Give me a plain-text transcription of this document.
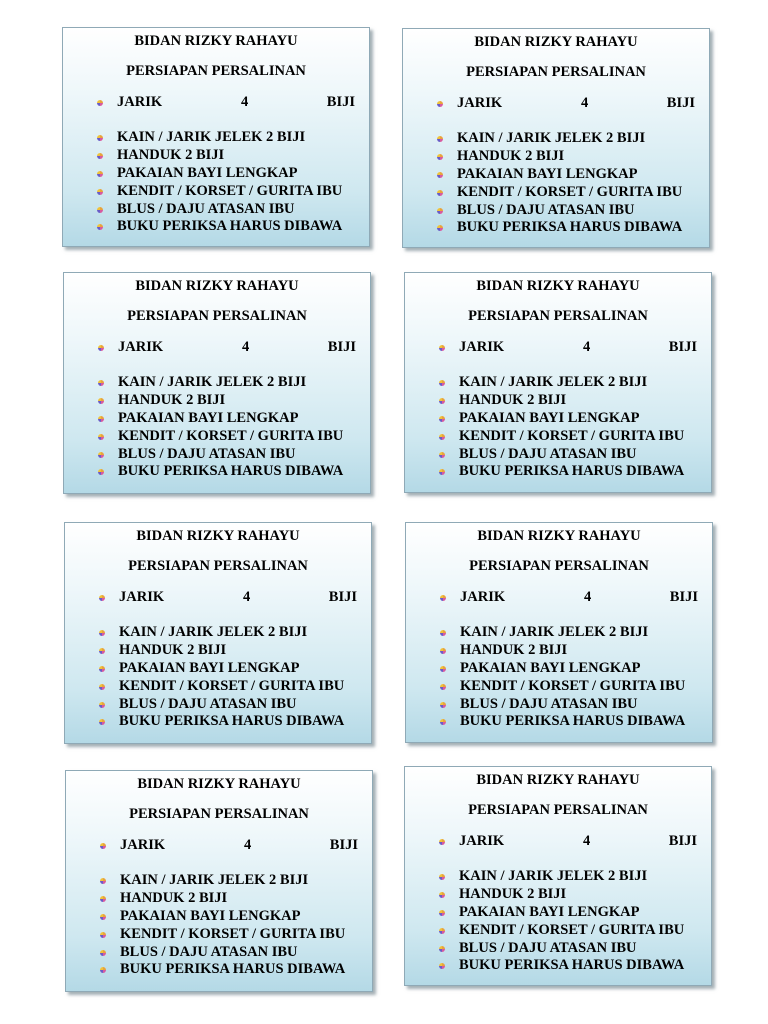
BIDAN RIZKY RAHAYU
PERSIAPAN PERSALINAN
JARIK	4	BIJI
KAIN / JARIK JELEK 2 BIJI
HANDUK 2 BIJI
PAKAIAN BAYI LENGKAP
KENDIT / KORSET / GURITA IBU
BLUS / DAJU ATASAN IBU
BUKU PERIKSA HARUS DIBAWA
BIDAN RIZKY RAHAYU
PERSIAPAN PERSALINAN
JARIK	4	BIJI
KAIN / JARIK JELEK 2 BIJI
HANDUK 2 BIJI
PAKAIAN BAYI LENGKAP
KENDIT / KORSET / GURITA IBU
BLUS / DAJU ATASAN IBU
BUKU PERIKSA HARUS DIBAWA
BIDAN RIZKY RAHAYU
PERSIAPAN PERSALINAN
JARIK	4	BIJI
KAIN / JARIK JELEK 2 BIJI
HANDUK 2 BIJI
PAKAIAN BAYI LENGKAP
KENDIT / KORSET / GURITA IBU
BLUS / DAJU ATASAN IBU
BUKU PERIKSA HARUS DIBAWA
BIDAN RIZKY RAHAYU
PERSIAPAN PERSALINAN
JARIK	4	BIJI
KAIN / JARIK JELEK 2 BIJI
HANDUK 2 BIJI
PAKAIAN BAYI LENGKAP
KENDIT / KORSET / GURITA IBU
BLUS / DAJU ATASAN IBU
BUKU PERIKSA HARUS DIBAWA
BIDAN RIZKY RAHAYU
PERSIAPAN PERSALINAN
JARIK	4	BIJI
KAIN / JARIK JELEK 2 BIJI
HANDUK 2 BIJI
PAKAIAN BAYI LENGKAP
KENDIT / KORSET / GURITA IBU
BLUS / DAJU ATASAN IBU
BUKU PERIKSA HARUS DIBAWA
BIDAN RIZKY RAHAYU
PERSIAPAN PERSALINAN
JARIK	4	BIJI
KAIN / JARIK JELEK 2 BIJI
HANDUK 2 BIJI
PAKAIAN BAYI LENGKAP
KENDIT / KORSET / GURITA IBU
BLUS / DAJU ATASAN IBU
BUKU PERIKSA HARUS DIBAWA
BIDAN RIZKY RAHAYU
PERSIAPAN PERSALINAN
JARIK	4	BIJI
KAIN / JARIK JELEK 2 BIJI
HANDUK 2 BIJI
PAKAIAN BAYI LENGKAP
KENDIT / KORSET / GURITA IBU
BLUS / DAJU ATASAN IBU
BUKU PERIKSA HARUS DIBAWA
BIDAN RIZKY RAHAYU
PERSIAPAN PERSALINAN
JARIK	4	BIJI
KAIN / JARIK JELEK 2 BIJI
HANDUK 2 BIJI
PAKAIAN BAYI LENGKAP
KENDIT / KORSET / GURITA IBU
BLUS / DAJU ATASAN IBU
BUKU PERIKSA HARUS DIBAWA
